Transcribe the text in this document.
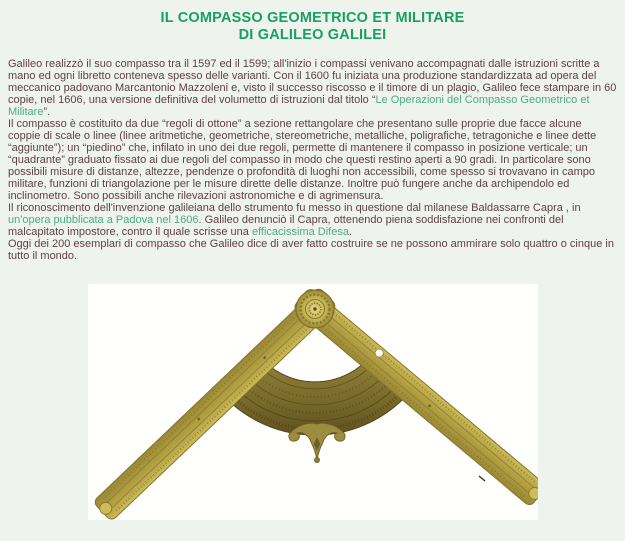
IL COMPASSO GEOMETRICO ET MILITARE
DI GALILEO GALILEI

Galileo realizzò il suo compasso tra il 1597 ed il 1599; all'inizio i compassi venivano accompagnati dalle istruzioni scritte a mano ed ogni libretto conteneva spesso delle varianti. Con il 1600 fu iniziata una produzione standardizzata ad opera del meccanico padovano Marcantonio Mazzoleni e, visto il successo riscosso e il timore di un plagio, Galileo fece stampare in 60 copie, nel 1606, una versione definitiva del volumetto di istruzioni dal titolo “Le Operazioni del Compasso Geometrico et Militare”.

Il compasso è costituito da due “regoli di ottone” a sezione rettangolare che presentano sulle proprie due facce alcune coppie di scale o linee (linee aritmetiche, geometriche, stereometriche, metalliche, poligrafiche, tetragoniche e linee dette “aggiunte”); un “piedino” che, infilato in uno dei due regoli, permette di mantenere il compasso in posizione verticale; un “quadrante” graduato fissato ai due regoli del compasso in modo che questi restino aperti a 90 gradi. In particolare sono possibili misure di distanze, altezze, pendenze o profondità di luoghi non accessibili, come spesso si trovavano in campo militare, funzioni di triangolazione per le misure dirette delle distanze. Inoltre può fungere anche da archipendolo ed inclinometro. Sono possibili anche rilevazioni astronomiche e di agrimensura.

Il riconoscimento dell'invenzione galileiana dello strumento fu messo in questione dal milanese Baldassarre Capra , in un'opera pubblicata a Padova nel 1606. Galileo denunciò il Capra, ottenendo piena soddisfazione nei confronti del malcapitato impostore, contro il quale scrisse una efficacissima Difesa.

Oggi dei 200 esemplari di compasso che Galileo dice di aver fatto costruire se ne possono ammirare solo quattro o cinque in tutto il mondo.
